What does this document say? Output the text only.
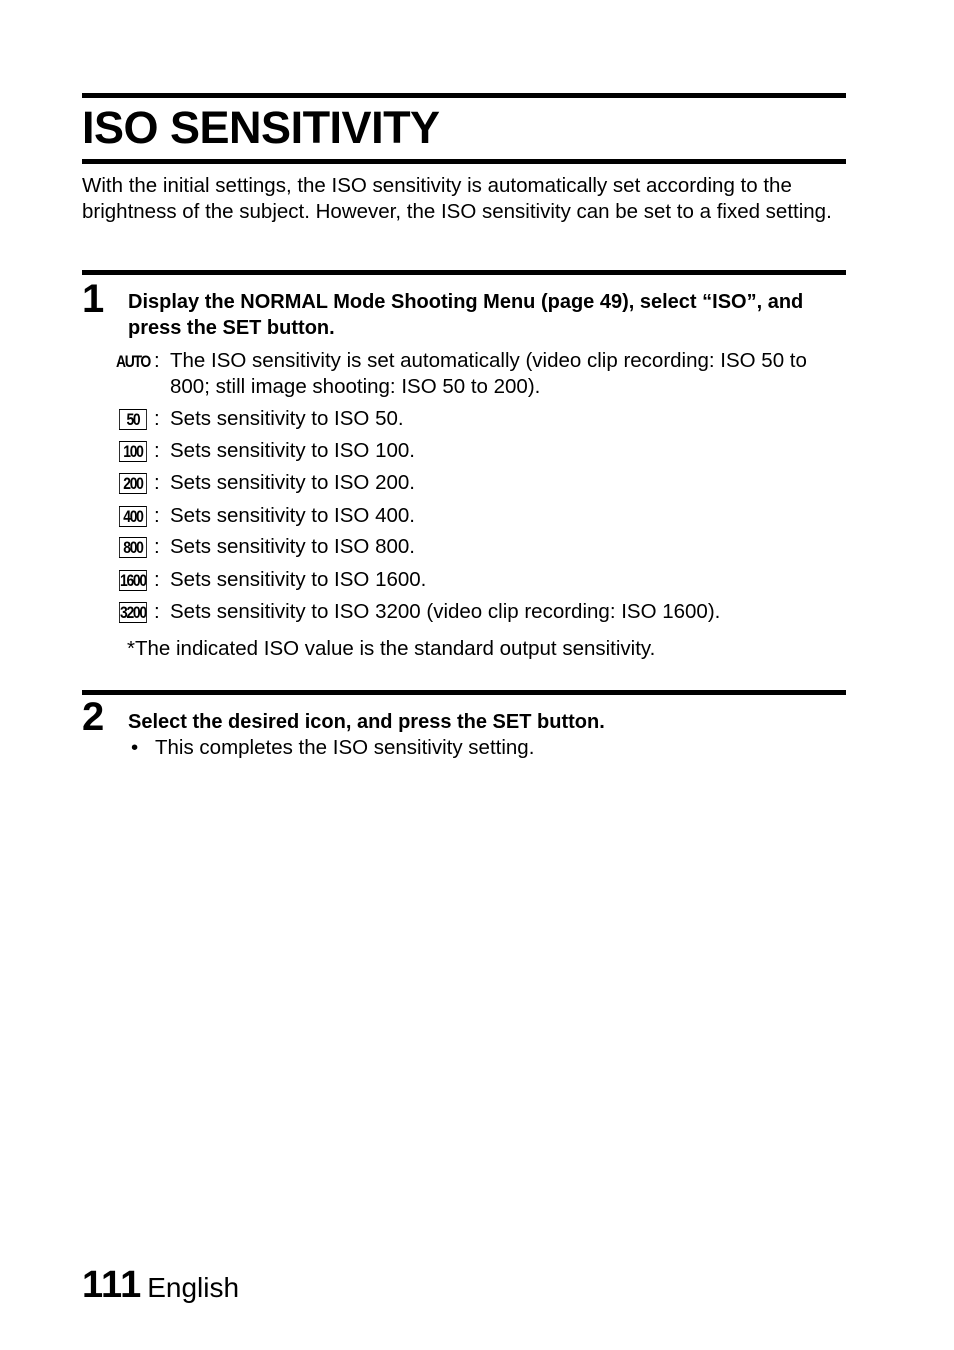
ISO SENSITIVITY
With the initial settings, the ISO sensitivity is automatically set according to the brightness of the subject. However, the ISO sensitivity can be set to a fixed setting.
1 Display the NORMAL Mode Shooting Menu (page 49), select “ISO”, and press the SET button.
AUTO : The ISO sensitivity is set automatically (video clip recording: ISO 50 to 800; still image shooting: ISO 50 to 200).
50 : Sets sensitivity to ISO 50.
100 : Sets sensitivity to ISO 100.
200 : Sets sensitivity to ISO 200.
400 : Sets sensitivity to ISO 400.
800 : Sets sensitivity to ISO 800.
1600 : Sets sensitivity to ISO 1600.
3200 : Sets sensitivity to ISO 3200 (video clip recording: ISO 1600).
*The indicated ISO value is the standard output sensitivity.
2 Select the desired icon, and press the SET button.
• This completes the ISO sensitivity setting.
111 English
